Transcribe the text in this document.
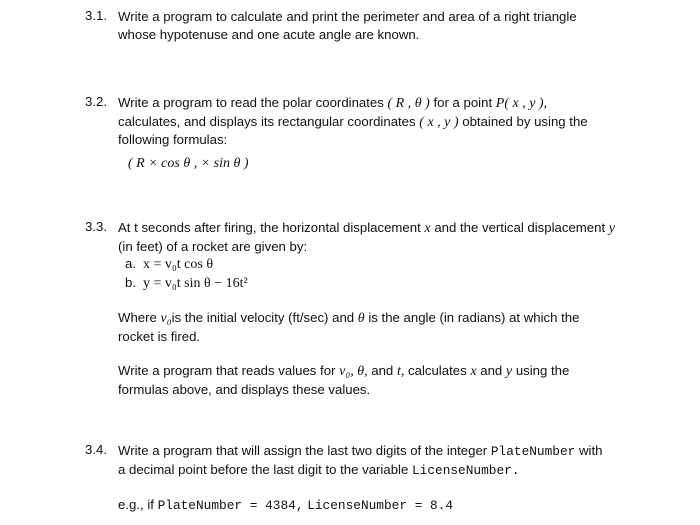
3.1. Write a program to calculate and print the perimeter and area of a right triangle

whose hypotenuse and one acute angle are known.

3.2. Write a program to read the polar coordinates ( R , θ ) for a point P( x , y ),

calculates, and displays its rectangular coordinates ( x , y ) obtained by using the

following formulas:

( R × cos θ , × sin θ )

3.3. At t seconds after firing, the horizontal displacement x and the vertical displacement y

(in feet) of a rocket are given by:

a. x = v₀t cos θ
b. y = v₀t sin θ − 16t²

Where v₀is the initial velocity (ft/sec) and θ is the angle (in radians) at which the

rocket is fired.

Write a program that reads values for v₀, θ, and t, calculates x and y using the

formulas above, and displays these values.

3.4. Write a program that will assign the last two digits of the integer PlateNumber with

a decimal point before the last digit to the variable LicenseNumber.

e.g., if PlateNumber = 4384, LicenseNumber = 8.4
